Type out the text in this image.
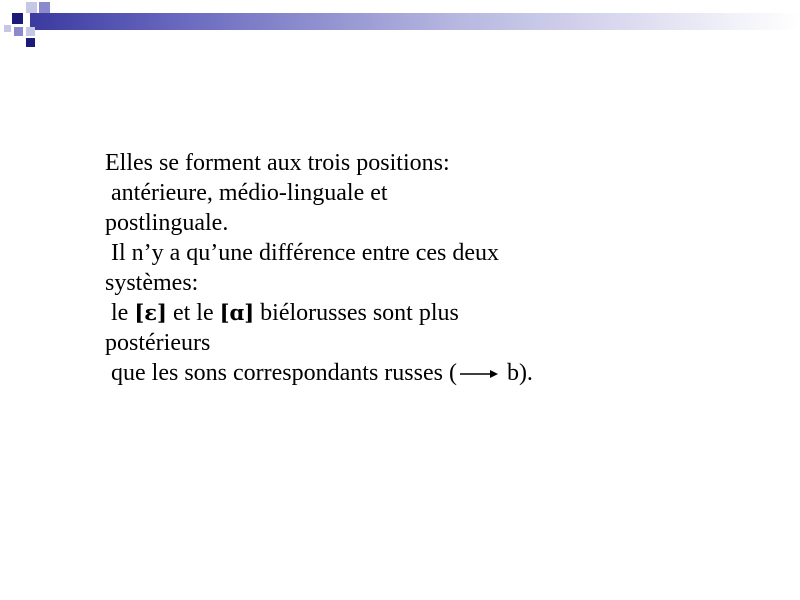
Elles se forment aux trois positions:
antérieure, médio-linguale et
postlinguale.
Il n’y a qu’une différence entre ces deux
systèmes:
le [ε] et le [ɑ] biélorusses sont plus
postérieurs
que les sons correspondants russes ( b).
